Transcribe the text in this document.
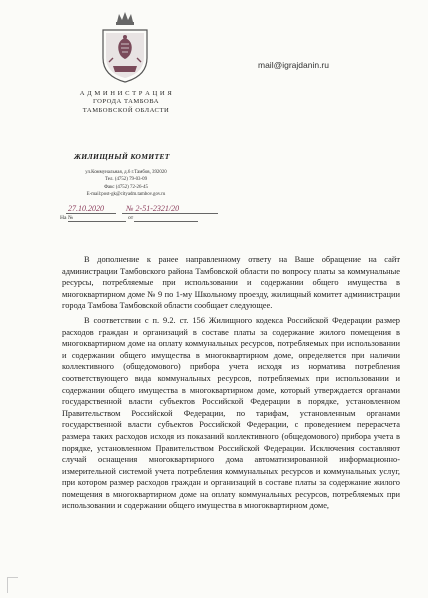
mail@igrajdanin.ru
А Д М И Н И С Т Р А Ц И Я
ГОРОДА ТАМБОВА
ТАМБОВСКОЙ ОБЛАСТИ
ЖИЛИЩНЫЙ КОМИТЕТ
ул.Коммунальная, д.6 г.Тамбов, 392020
Тел. (4752) 79-03-09
Факс (4752) 72-26-45
E-mail:post-gk@cityadm.tambov.gov.ru
27.10.2020	№ 2-51-2321/20
На №	от

В дополнение к ранее направленному ответу на Ваше обращение на сайт администрации Тамбовского района Тамбовской области по вопросу платы за коммунальные ресурсы, потребляемые при использовании и содержании общего имущества в многоквартирном доме № 9 по 1-му Школьному проезду, жилищный комитет администрации города Тамбова Тамбовской области сообщает следующее.

В соответствии с п. 9.2. ст. 156 Жилищного кодекса Российской Федерации размер расходов граждан и организаций в составе платы за содержание жилого помещения в многоквартирном доме на оплату коммунальных ресурсов, потребляемых при использовании и содержании общего имущества в многоквартирном доме, определяется при наличии коллективного (общедомового) прибора учета исходя из норматива потребления соответствующего вида коммунальных ресурсов, потребляемых при использовании и содержании общего имущества в многоквартирном доме, который утверждается органами государственной власти субъектов Российской Федерации в порядке, установленном Правительством Российской Федерации, по тарифам, установленным органами государственной власти субъектов Российской Федерации, с проведением перерасчета размера таких расходов исходя из показаний коллективного (общедомового) прибора учета в порядке, установленном Правительством Российской Федерации. Исключения составляют случай оснащения многоквартирного дома автоматизированной информационно-измерительной системой учета потребления коммунальных ресурсов и коммунальных услуг, при котором размер расходов граждан и организаций в составе платы за содержание жилого помещения в многоквартирном доме на оплату коммунальных ресурсов, потребляемых при использовании и содержании общего имущества в многоквартирном доме,
